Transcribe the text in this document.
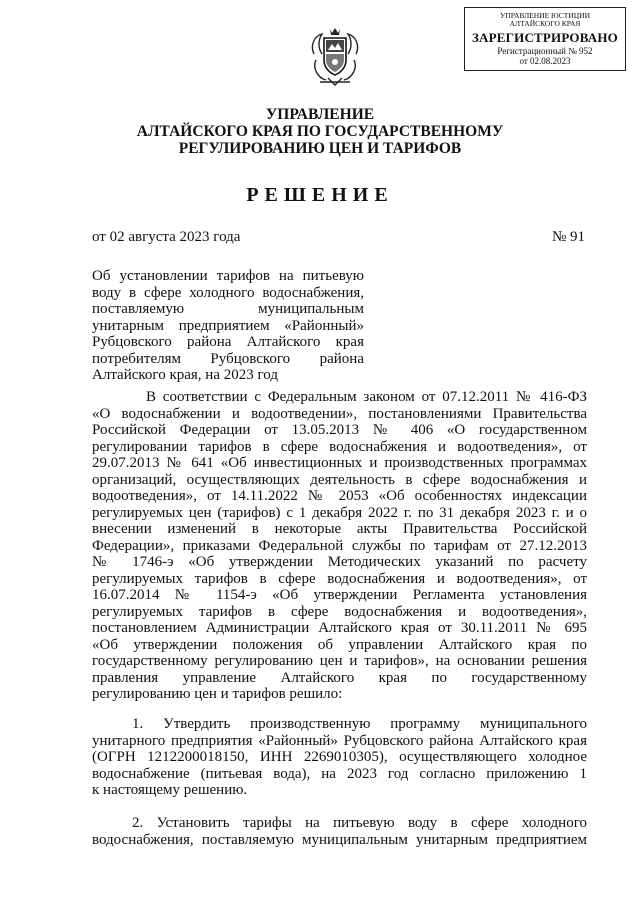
УПРАВЛЕНИЕ ЮСТИЦИИ
АЛТАЙСКОГО КРАЯ
ЗАРЕГИСТРИРОВАНО
Регистрационный № 952
от 02.08.2023
УПРАВЛЕНИЕ
АЛТАЙСКОГО КРАЯ ПО ГОСУДАРСТВЕННОМУ
РЕГУЛИРОВАНИЮ ЦЕН И ТАРИФОВ
РЕШЕНИЕ
от 02 августа 2023 года	№ 91
Об установлении тарифов на питьевую
воду в сфере холодного водоснабжения,
поставляемую муниципальным
унитарным предприятием «Районный»
Рубцовского района Алтайского края
потребителям Рубцовского района
Алтайского края, на 2023 год
В соответствии с Федеральным законом от 07.12.2011 № 416-ФЗ
«О водоснабжении и водоотведении», постановлениями Правительства
Российской Федерации от 13.05.2013 № 406 «О государственном
регулировании тарифов в сфере водоснабжения и водоотведения», от
29.07.2013 № 641 «Об инвестиционных и производственных программах
организаций, осуществляющих деятельность в сфере водоснабжения и
водоотведения», от 14.11.2022 № 2053 «Об особенностях индексации
регулируемых цен (тарифов) с 1 декабря 2022 г. по 31 декабря 2023 г. и о
внесении изменений в некоторые акты Правительства Российской
Федерации», приказами Федеральной службы по тарифам от 27.12.2013
№ 1746-э «Об утверждении Методических указаний по расчету
регулируемых тарифов в сфере водоснабжения и водоотведения», от
16.07.2014 № 1154-э «Об утверждении Регламента установления
регулируемых тарифов в сфере водоснабжения и водоотведения»,
постановлением Администрации Алтайского края от 30.11.2011 № 695
«Об утверждении положения об управлении Алтайского края по
государственному регулированию цен и тарифов», на основании решения
правления управление Алтайского края по государственному
регулированию цен и тарифов решило:
1. Утвердить производственную программу муниципального
унитарного предприятия «Районный» Рубцовского района Алтайского края
(ОГРН 1212200018150, ИНН 2269010305), осуществляющего холодное
водоснабжение (питьевая вода), на 2023 год согласно приложению 1
к настоящему решению.
2. Установить тарифы на питьевую воду в сфере холодного
водоснабжения, поставляемую муниципальным унитарным предприятием
